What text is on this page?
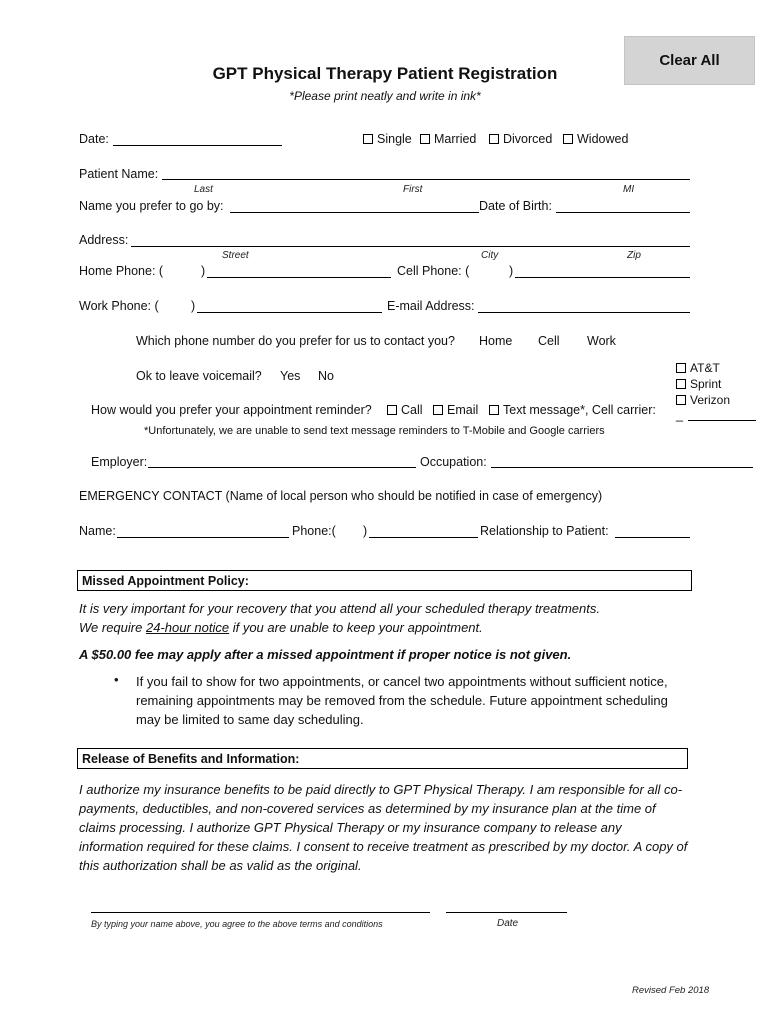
Clear All
GPT Physical Therapy Patient Registration
*Please print neatly and write in ink*
Date:	Single	Married	Divorced	Widowed
Patient Name:
Last	First	MI
Name you prefer to go by:	Date of Birth:
Address:
Street	City	Zip
Home Phone: (	)	Cell Phone: (	)
Work Phone: (	)	E-mail Address:
Which phone number do you prefer for us to contact you? Home Cell Work
AT&T
Sprint
Verizon
_
Ok to leave voicemail? Yes No
How would you prefer your appointment reminder?	Call	Email	Text message*, Cell carrier:
*Unfortunately, we are unable to send text message reminders to T-Mobile and Google carriers
Employer:	Occupation:
EMERGENCY CONTACT (Name of local person who should be notified in case of emergency)
Name:	Phone:( )	Relationship to Patient:
Missed Appointment Policy:
It is very important for your recovery that you attend all your scheduled therapy treatments.
We require 24-hour notice if you are unable to keep your appointment.
A $50.00 fee may apply after a missed appointment if proper notice is not given.
• If you fail to show for two appointments, or cancel two appointments without sufficient notice, remaining appointments may be removed from the schedule. Future appointment scheduling may be limited to same day scheduling.
Release of Benefits and Information:
I authorize my insurance benefits to be paid directly to GPT Physical Therapy. I am responsible for all co-payments, deductibles, and non-covered services as determined by my insurance plan at the time of claims processing. I authorize GPT Physical Therapy or my insurance company to release any information required for these claims. I consent to receive treatment as prescribed by my doctor. A copy of this authorization shall be as valid as the original.
By typing your name above, you agree to the above terms and conditions	Date
Revised Feb 2018
